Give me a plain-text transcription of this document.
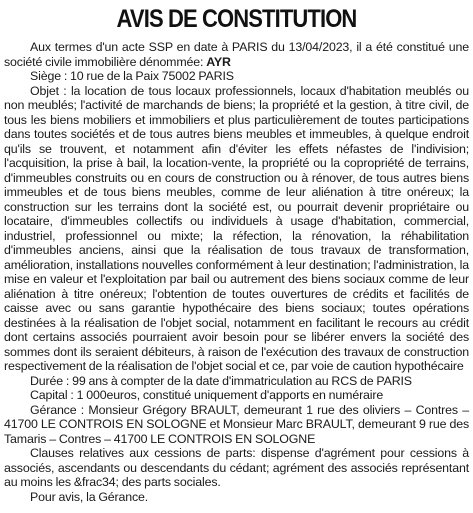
AVIS DE CONSTITUTION

Aux termes d'un acte SSP en date à PARIS du 13/04/2023, il a été constitué une société civile immobilière dénommée: AYR

Siège : 10 rue de la Paix 75002 PARIS

Objet : la location de tous locaux professionnels, locaux d'habitation meublés ou non meublés; l'activité de marchands de biens; la propriété et la gestion, à titre civil, de tous les biens mobiliers et immobiliers et plus particulièrement de toutes participations dans toutes sociétés et de tous autres biens meubles et immeubles, à quelque endroit qu'ils se trouvent, et notamment afin d'éviter les effets néfastes de l'indivision; l'acquisition, la prise à bail, la location-vente, la propriété ou la copropriété de terrains, d'immeubles construits ou en cours de construction ou à rénover, de tous autres biens immeubles et de tous biens meubles, comme de leur aliénation à titre onéreux; la construction sur les terrains dont la société est, ou pourrait devenir propriétaire ou locataire, d'immeubles collectifs ou individuels à usage d'habitation, commercial, industriel, professionnel ou mixte; la réfection, la rénovation, la réhabilitation d'immeubles anciens, ainsi que la réalisation de tous travaux de transformation, amélioration, installations nouvelles conformément à leur destination; l'administration, la mise en valeur et l'exploitation par bail ou autrement des biens sociaux comme de leur aliénation à titre onéreux; l'obtention de toutes ouvertures de crédits et facilités de caisse avec ou sans garantie hypothécaire des biens sociaux; toutes opérations destinées à la réalisation de l'objet social, notamment en facilitant le recours au crédit dont certains associés pourraient avoir besoin pour se libérer envers la société des sommes dont ils seraient débiteurs, à raison de l'exécution des travaux de construction respectivement de la réalisation de l'objet social et ce, par voie de caution hypothécaire

Durée : 99 ans à compter de la date d'immatriculation au RCS de PARIS

Capital : 1 000euros, constitué uniquement d'apports en numéraire

Gérance : Monsieur Grégory BRAULT, demeurant 1 rue des oliviers – Contres – 41700 LE CONTROIS EN SOLOGNE et Monsieur Marc BRAULT, demeurant 9 rue des Tamaris – Contres – 41700 LE CONTROIS EN SOLOGNE

Clauses relatives aux cessions de parts: dispense d'agrément pour cessions à associés, ascendants ou descendants du cédant; agrément des associés représentant au moins les &frac34; des parts sociales.

Pour avis, la Gérance.
